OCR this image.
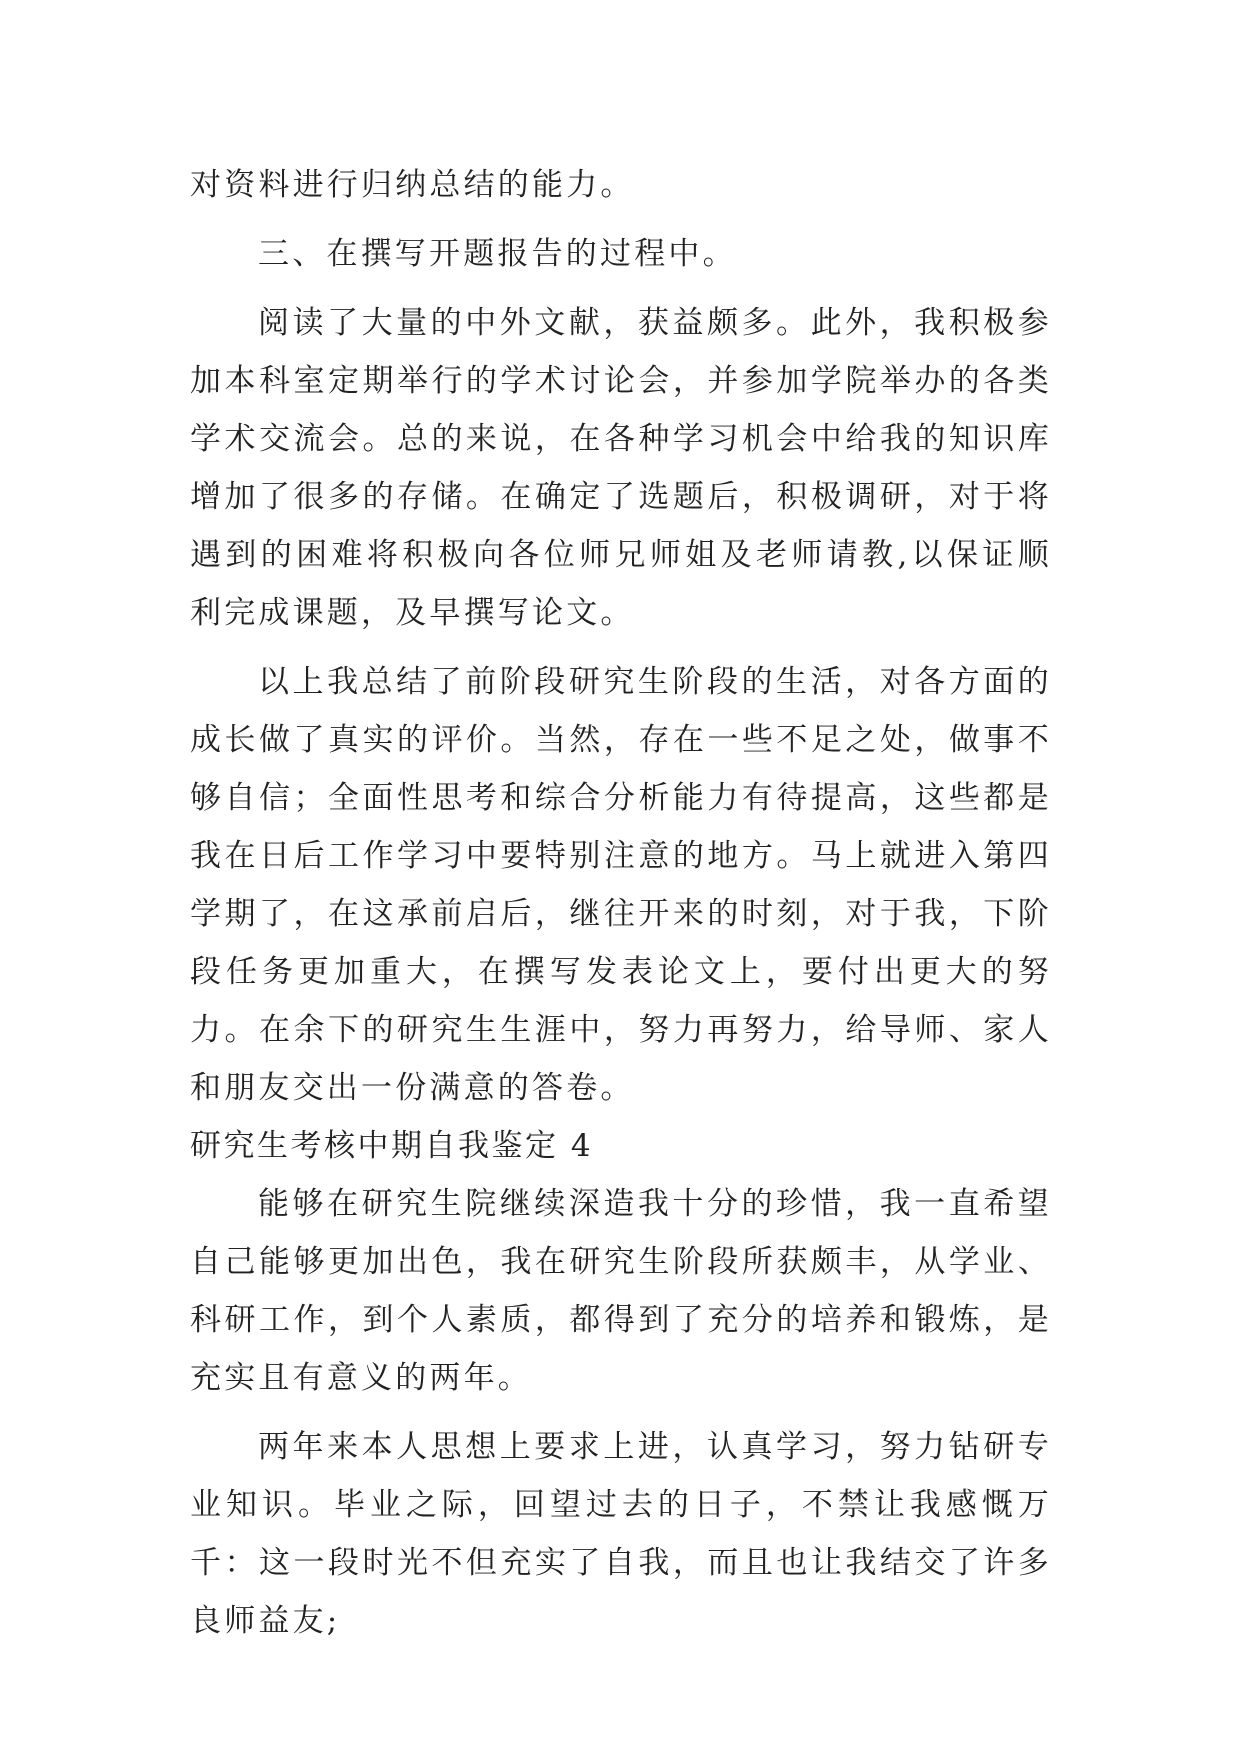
对资料进行归纳总结的能力。

三、在撰写开题报告的过程中。

阅读了大量的中外文献，获益颇多。此外，我积极参加本科室定期举行的学术讨论会，并参加学院举办的各类学术交流会。总的来说，在各种学习机会中给我的知识库增加了很多的存储。在确定了选题后，积极调研，对于将遇到的困难将积极向各位师兄师姐及老师请教,以保证顺利完成课题，及早撰写论文。

以上我总结了前阶段研究生阶段的生活，对各方面的成长做了真实的评价。当然，存在一些不足之处，做事不够自信；全面性思考和综合分析能力有待提高，这些都是我在日后工作学习中要特别注意的地方。马上就进入第四学期了，在这承前启后，继往开来的时刻，对于我，下阶段任务更加重大，在撰写发表论文上，要付出更大的努力。在余下的研究生生涯中，努力再努力，给导师、家人和朋友交出一份满意的答卷。

研究生考核中期自我鉴定 4

能够在研究生院继续深造我十分的珍惜，我一直希望自己能够更加出色，我在研究生阶段所获颇丰，从学业、科研工作，到个人素质，都得到了充分的培养和锻炼，是充实且有意义的两年。

两年来本人思想上要求上进，认真学习，努力钻研专业知识。毕业之际，回望过去的日子，不禁让我感慨万千：这一段时光不但充实了自我，而且也让我结交了许多良师益友;
